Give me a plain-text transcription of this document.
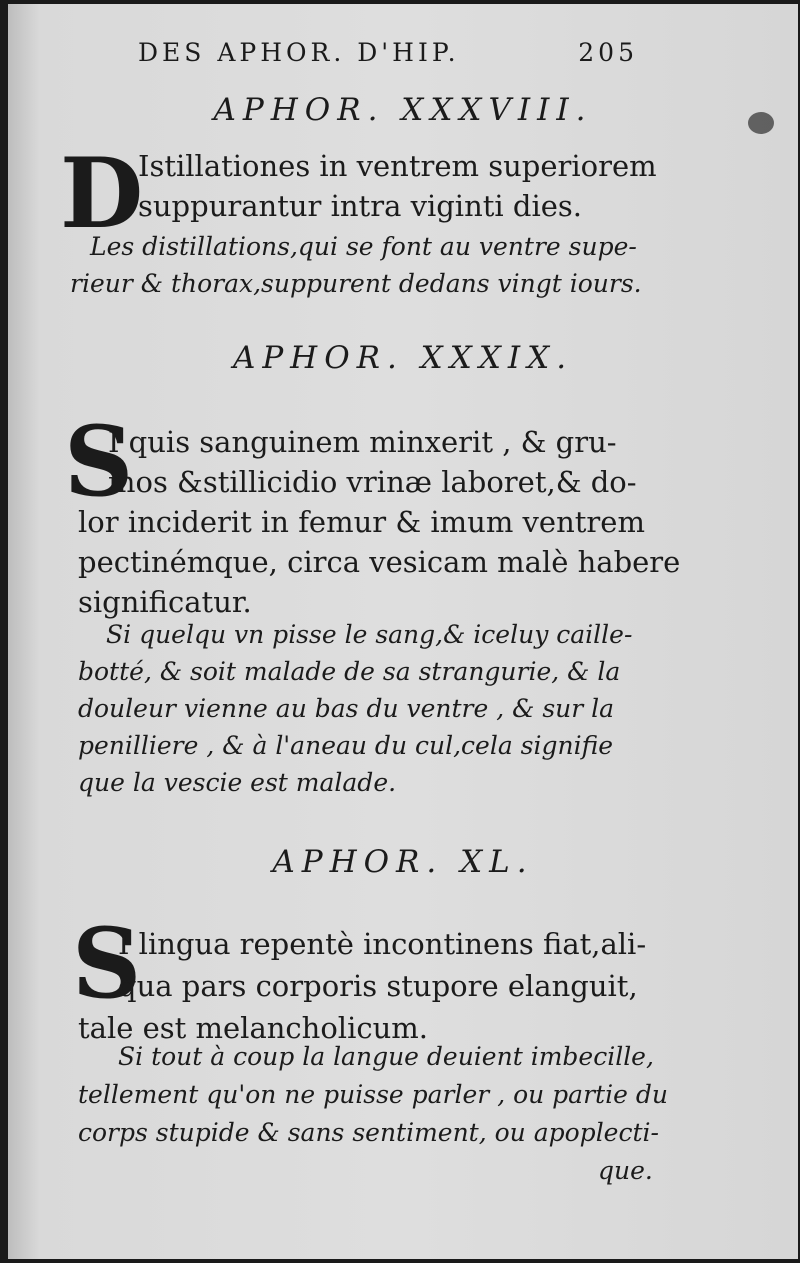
DES APHOR. D'HIP.	205
APHOR. XXXVIII.
D
Istillationes in ventrem superiorem
suppurantur intra viginti dies.
Les distillations,qui se font au ventre supe-
rieur & thorax,suppurent dedans vingt iours.
APHOR. XXXIX.
S
I quis sanguinem minxerit , & gru-
mos &stillicidio vrinæ laboret,& do-
lor inciderit in femur & imum ventrem
pectinémque, circa vesicam malè habere
significatur.
Si quelqu vn pisse le sang,& iceluy caille-
botté, & soit malade de sa strangurie, & la
douleur vienne au bas du ventre , & sur la
penilliere , & à l'aneau du cul,cela signifie
que la vescie est malade.
APHOR. XL.
S
I lingua repentè incontinens fiat,ali-
qua pars corporis stupore elanguit,
tale est melancholicum.
Si tout à coup la langue deuient imbecille,
tellement qu'on ne puisse parler , ou partie du
corps stupide & sans sentiment, ou apoplecti-
que.
